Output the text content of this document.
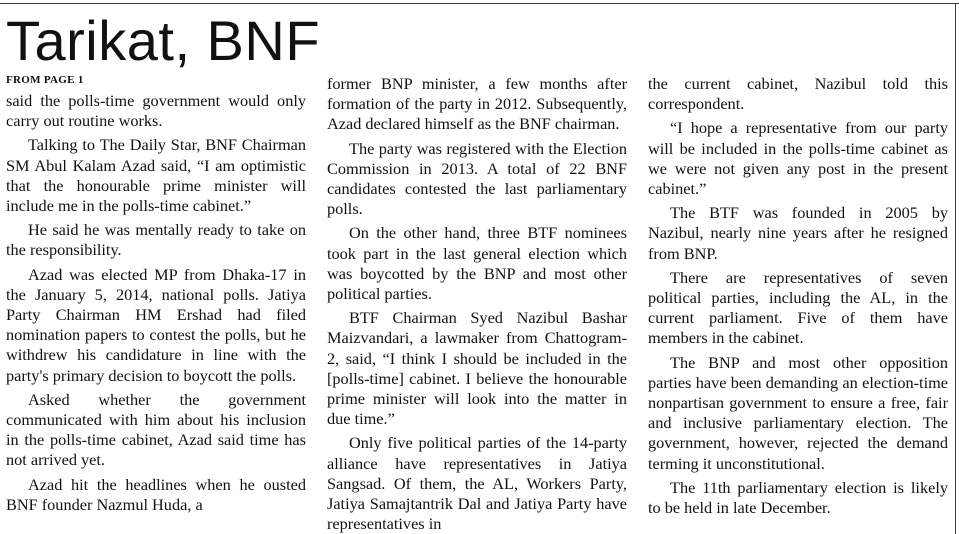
Tarikat, BNF
FROM PAGE 1

said the polls-time government would only carry out routine works.

Talking to The Daily Star, BNF Chairman SM Abul Kalam Azad said, “I am optimistic that the honourable prime minister will include me in the polls-time cabinet.”

He said he was mentally ready to take on the responsibility.

Azad was elected MP from Dhaka-17 in the January 5, 2014, national polls. Jatiya Party Chairman HM Ershad had filed nomination papers to contest the polls, but he withdrew his candidature in line with the party's primary decision to boycott the polls.

Asked whether the government communicated with him about his inclusion in the polls-time cabinet, Azad said time has not arrived yet.

Azad hit the headlines when he ousted BNF founder Nazmul Huda, a

former BNP minister, a few months after formation of the party in 2012. Subsequently, Azad declared himself as the BNF chairman.

The party was registered with the Election Commission in 2013. A total of 22 BNF candidates contested the last parliamentary polls.

On the other hand, three BTF nominees took part in the last general election which was boycotted by the BNP and most other political parties.

BTF Chairman Syed Nazibul Bashar Maizvandari, a lawmaker from Chattogram-2, said, “I think I should be included in the [polls-time] cabinet. I believe the honourable prime minister will look into the matter in due time.”

Only five political parties of the 14-party alliance have representatives in Jatiya Sangsad. Of them, the AL, Workers Party, Jatiya Samajtantrik Dal and Jatiya Party have representatives in

the current cabinet, Nazibul told this correspondent.

“I hope a representative from our party will be included in the polls-time cabinet as we were not given any post in the present cabinet.”

The BTF was founded in 2005 by Nazibul, nearly nine years after he resigned from BNP.

There are representatives of seven political parties, including the AL, in the current parliament. Five of them have members in the cabinet.

The BNP and most other opposition parties have been demanding an election-time nonpartisan government to ensure a free, fair and inclusive parliamentary election. The government, however, rejected the demand terming it unconstitutional.

The 11th parliamentary election is likely to be held in late December.
